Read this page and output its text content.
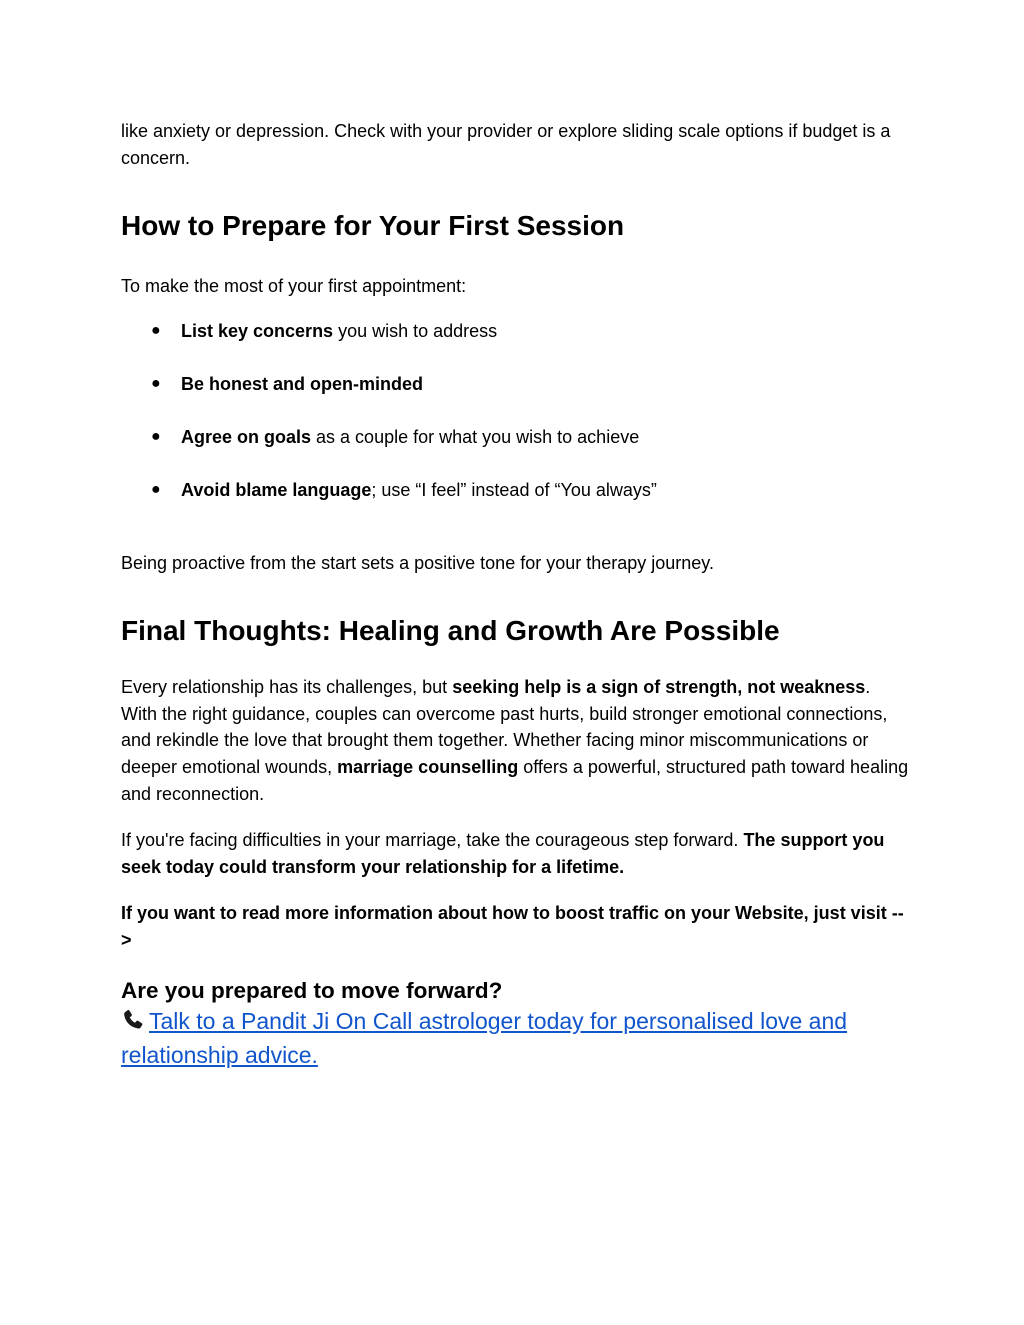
like anxiety or depression. Check with your provider or explore sliding scale options if budget is a concern.

How to Prepare for Your First Session

To make the most of your first appointment:

● List key concerns you wish to address
● Be honest and open-minded
● Agree on goals as a couple for what you wish to achieve
● Avoid blame language; use “I feel” instead of “You always”

Being proactive from the start sets a positive tone for your therapy journey.

Final Thoughts: Healing and Growth Are Possible

Every relationship has its challenges, but seeking help is a sign of strength, not weakness. With the right guidance, couples can overcome past hurts, build stronger emotional connections, and rekindle the love that brought them together. Whether facing minor miscommunications or deeper emotional wounds, marriage counselling offers a powerful, structured path toward healing and reconnection.

If you're facing difficulties in your marriage, take the courageous step forward. The support you seek today could transform your relationship for a lifetime.

If you want to read more information about how to boost traffic on your Website, just visit -->

Are you prepared to move forward?

Talk to a Pandit Ji On Call astrologer today for personalised love and relationship advice.
